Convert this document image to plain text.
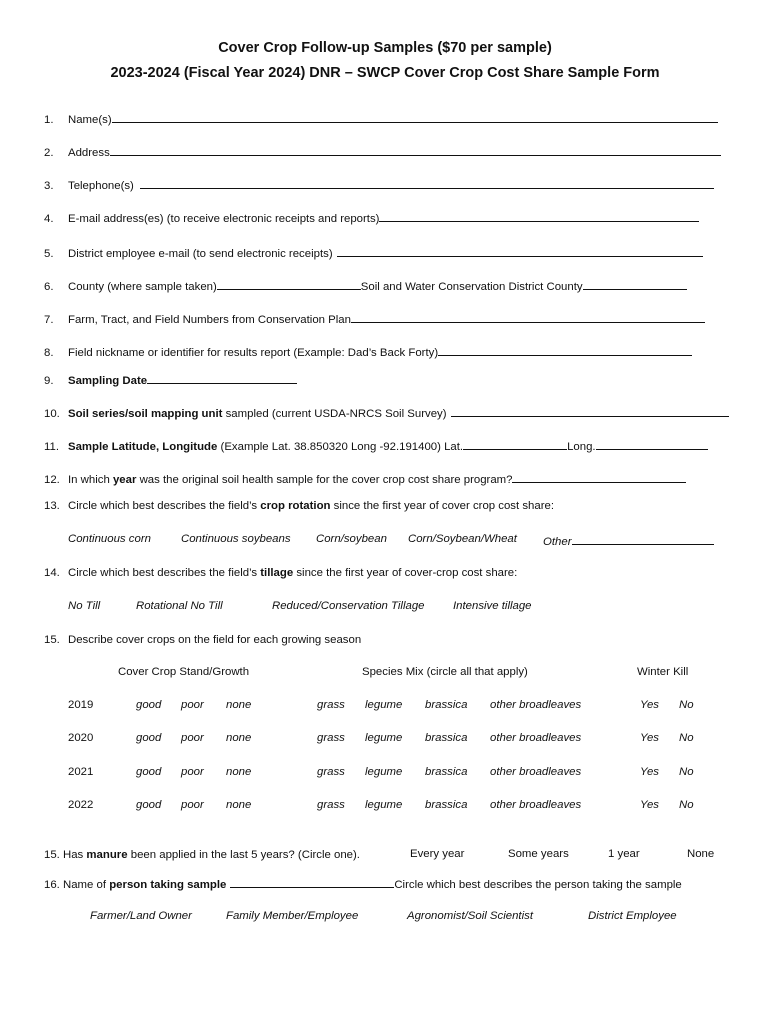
Cover Crop Follow-up Samples ($70 per sample)
2023-2024 (Fiscal Year 2024) DNR – SWCP Cover Crop Cost Share Sample Form
1. Name(s)
2. Address
3. Telephone(s)
4. E-mail address(es) (to receive electronic receipts and reports)
5. District employee e-mail (to send electronic receipts)
6. County (where sample taken)	Soil and Water Conservation District County
7. Farm, Tract, and Field Numbers from Conservation Plan
8. Field nickname or identifier for results report (Example: Dad’s Back Forty)
9. Sampling Date
10. Soil series/soil mapping unit sampled (current USDA-NRCS Soil Survey)
11. Sample Latitude, Longitude (Example Lat. 38.850320 Long -92.191400) Lat.	Long.
12. In which year was the original soil health sample for the cover crop cost share program?
13. Circle which best describes the field’s crop rotation since the first year of cover crop cost share:
Continuous corn	Continuous soybeans Corn/soybean Corn/Soybean/Wheat Other
14. Circle which best describes the field’s tillage since the first year of cover-crop cost share:
No Till	Rotational No Till	Reduced/Conservation Tillage	Intensive tillage
15. Describe cover crops on the field for each growing season
Cover Crop Stand/Growth	Species Mix (circle all that apply)	Winter Kill
2019	good poor none	grass legume brassica other broadleaves	Yes No
2020	good poor none	grass legume brassica other broadleaves	Yes No
2021	good poor none	grass legume brassica other broadleaves	Yes No
2022	good poor none	grass legume brassica other broadleaves	Yes No
15. Has manure been applied in the last 5 years? (Circle one).	Every year	Some years	1 year	None
16. Name of person taking sample	Circle which best describes the person taking the sample
Farmer/Land Owner	Family Member/Employee	Agronomist/Soil Scientist	District Employee
